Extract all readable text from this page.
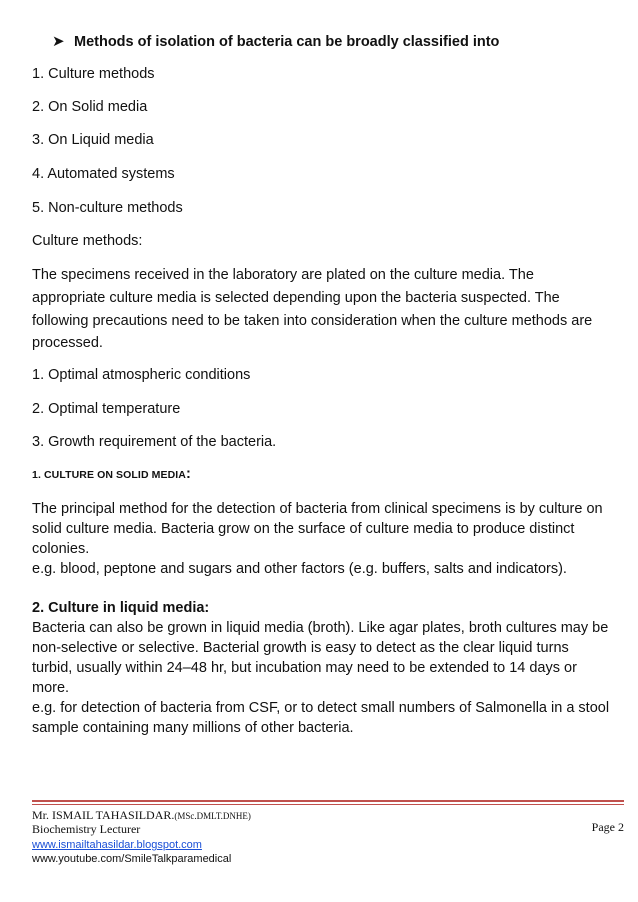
➤ Methods of isolation of bacteria can be broadly classified into
1. Culture methods
2. On Solid media
3. On Liquid media
4. Automated systems
5. Non-culture methods
Culture methods:
The specimens received in the laboratory are plated on the culture media. The
appropriate culture media is selected depending upon the bacteria suspected. The
following precautions need to be taken into consideration when the culture methods are
processed.
1. Optimal atmospheric conditions
2. Optimal temperature
3. Growth requirement of the bacteria.
1. CULTURE ON SOLID MEDIA:
The principal method for the detection of bacteria from clinical specimens is by culture on
solid culture media. Bacteria grow on the surface of culture media to produce distinct
colonies.
e.g. blood, peptone and sugars and other factors (e.g. buffers, salts and indicators).
2. Culture in liquid media:
Bacteria can also be grown in liquid media (broth). Like agar plates, broth cultures may be
non-selective or selective. Bacterial growth is easy to detect as the clear liquid turns
turbid, usually within 24–48 hr, but incubation may need to be extended to 14 days or
more.
e.g. for detection of bacteria from CSF, or to detect small numbers of Salmonella in a stool
sample containing many millions of other bacteria.
Mr. ISMAIL TAHASILDAR.(MSc.DMLT.DNHE)
Biochemistry Lecturer
www.ismailtahasildar.blogspot.com
www.youtube.com/SmileTalkparamedical
Page 2
